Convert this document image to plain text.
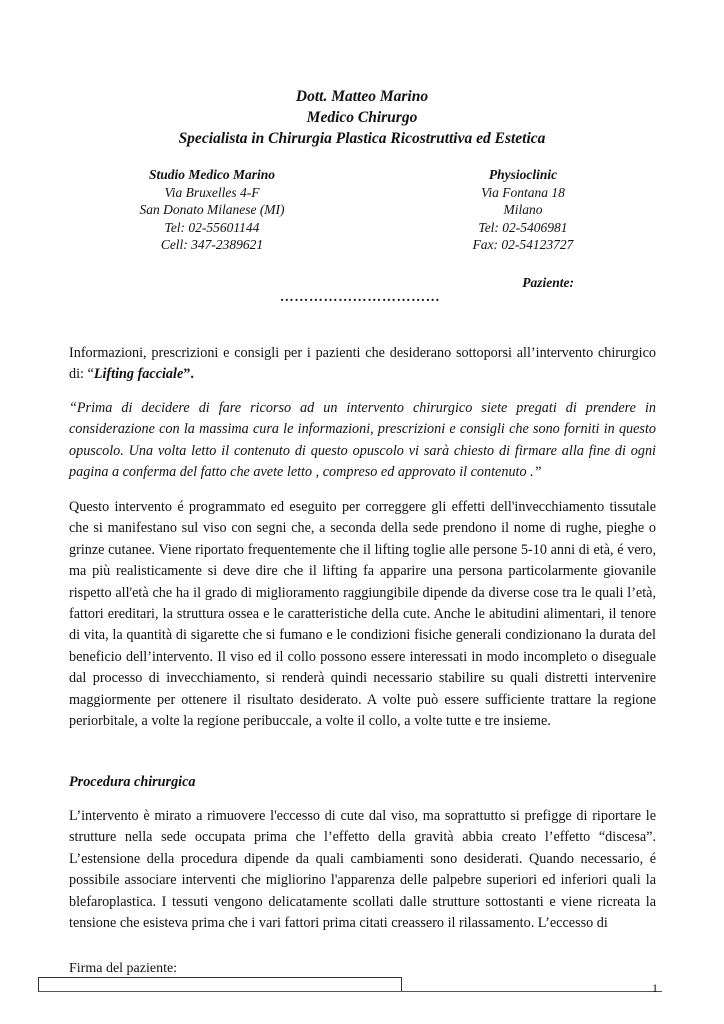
Dott. Matteo Marino
Medico Chirurgo
Specialista in Chirurgia Plastica Ricostruttiva ed Estetica
Studio Medico Marino
Via Bruxelles 4-F
San Donato Milanese (MI)
Tel: 02-55601144
Cell: 347-2389621
Physioclinic
Via Fontana 18
Milano
Tel: 02-5406981
Fax: 02-54123727
Paziente:
……………………………
Informazioni, prescrizioni e consigli per i pazienti che desiderano sottoporsi all’intervento chirurgico di: “Lifting facciale”.
“Prima di decidere di fare ricorso ad un intervento chirurgico siete pregati di prendere in considerazione con la massima cura le informazioni, prescrizioni e consigli che sono forniti in questo opuscolo. Una volta letto il contenuto di questo opuscolo vi sarà chiesto di firmare alla fine di ogni pagina a conferma del fatto che avete letto , compreso ed approvato il contenuto .”
Questo intervento é programmato ed eseguito per correggere gli effetti dell'invecchiamento tissutale che si manifestano sul viso con segni che, a seconda della sede prendono il nome di rughe, pieghe o grinze cutanee. Viene riportato frequentemente che il lifting toglie alle persone 5-10 anni di età, é vero, ma più realisticamente si deve dire che il lifting fa apparire una persona particolarmente giovanile rispetto all'età che ha il grado di miglioramento raggiungibile dipende da diverse cose tra le quali l’età, fattori ereditari, la struttura ossea e le caratteristiche della cute. Anche le abitudini alimentari, il tenore di vita, la quantità di sigarette che si fumano e le condizioni fisiche generali condizionano la durata del beneficio dell’intervento. Il viso ed il collo possono essere interessati in modo incompleto o diseguale dal processo di invecchiamento, si renderà quindi necessario stabilire su quali distretti intervenire maggiormente per ottenere il risultato desiderato. A volte può essere sufficiente trattare la regione periorbitale, a volte la regione peribuccale, a volte il collo, a volte tutte e tre insieme.
Procedura chirurgica
L’intervento è mirato a rimuovere l'eccesso di cute dal viso, ma soprattutto si prefigge di riportare le strutture nella sede occupata prima che l’effetto della gravità abbia creato l’effetto “discesa”. L’estensione della procedura dipende da quali cambiamenti sono desiderati. Quando necessario, é possibile associare interventi che migliorino l'apparenza delle palpebre superiori ed inferiori quali la blefaroplastica. I tessuti vengono delicatamente scollati dalle strutture sottostanti e viene ricreata la tensione che esisteva prima che i vari fattori prima citati creassero il rilassamento. L’eccesso di
Firma del paziente:
1
